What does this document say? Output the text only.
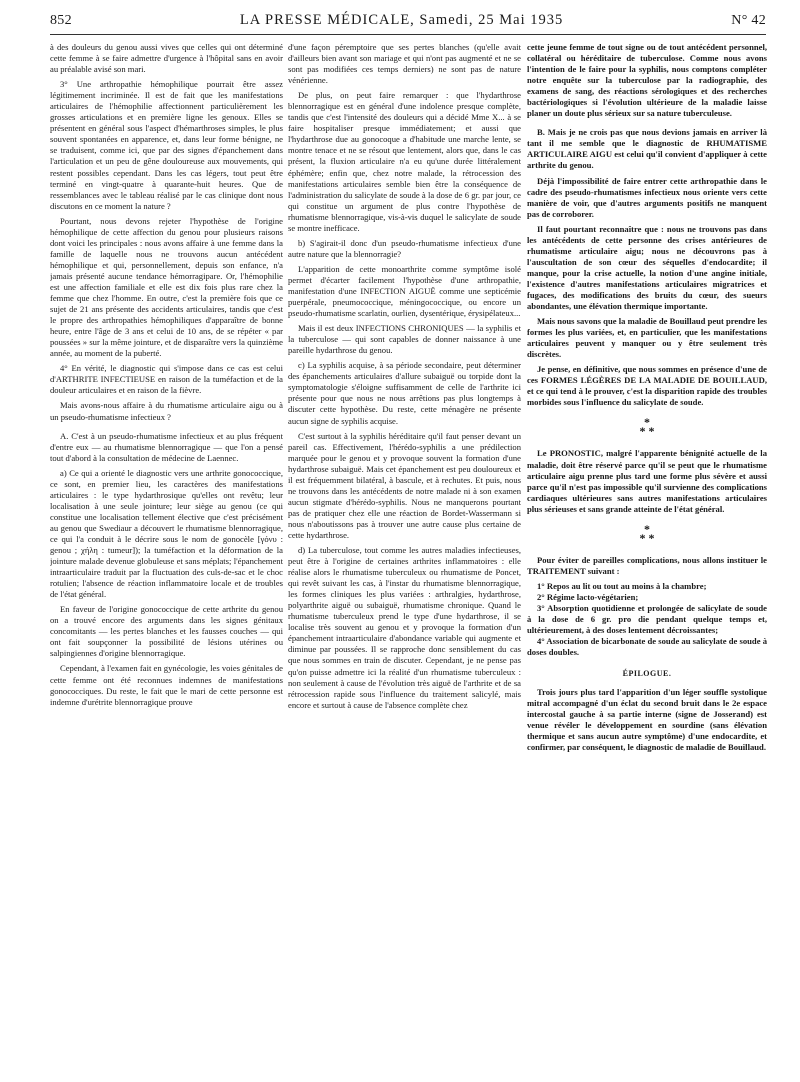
852	LA PRESSE MÉDICALE, Samedi, 25 Mai 1935	N° 42

à des douleurs du genou aussi vives que celles qui ont déterminé cette femme à se faire admettre d'urgence à l'hôpital sans en avoir au préalable avisé son mari.

3° Une arthropathie hémophilique pourrait être assez légitimement incriminée. Il est de fait que les manifestations articulaires de l'hémophilie affectionnent particulièrement les grosses articulations et en première ligne les genoux. Elles se présentent en général sous l'aspect d'hémarthroses simples, le plus souvent spontanées en apparence, et, dans leur forme bénigne, ne se traduisent, comme ici, que par des signes d'épanchement dans l'articulation et un peu de gêne douloureuse aux mouvements, qui restent possibles cependant. Dans les cas légers, tout peut être terminé en vingt-quatre à quarante-huit heures. Que de ressemblances avec le tableau réalisé par le cas clinique dont nous discutons en ce moment la nature ?

Pourtant, nous devons rejeter l'hypothèse de l'origine hémophilique de cette affection du genou pour plusieurs raisons dont voici les principales : nous avons affaire à une femme dans la famille de laquelle nous ne trouvons aucun antécédent hémophilique et qui, personnellement, depuis son enfance, n'a jamais présenté aucune tendance hémorragipare. Or, l'hémophilie est une affection familiale et elle est dix fois plus rare chez la femme que chez l'homme. En outre, c'est la première fois que ce sujet de 21 ans présente des accidents articulaires, tandis que c'est le propre des arthropathies hémophiliques d'apparaître de bonne heure, entre l'âge de 3 ans et celui de 10 ans, de se répéter « par poussées » sur la même jointure, et de disparaître vers la quinzième année, au moment de la puberté.

4° En vérité, le diagnostic qui s'impose dans ce cas est celui d'ARTHRITE INFECTIEUSE en raison de la tuméfaction et de la douleur articulaires et en raison de la fièvre.

Mais avons-nous affaire à du rhumatisme articulaire aigu ou à un pseudo-rhumatisme infectieux ?

A. C'est à un pseudo-rhumatisme infectieux et au plus fréquent d'entre eux — au rhumatisme blennorragique — que l'on a pensé tout d'abord à la consultation de médecine de Laennec.

a) Ce qui a orienté le diagnostic vers une arthrite gonococcique, ce sont, en premier lieu, les caractères des manifestations articulaires : le type hydarthrosique qu'elles ont revêtu; leur localisation à une seule jointure; leur siège au genou (ce qui constitue une localisation tellement élective que c'est précisément au genou que Swediaur a découvert le rhumatisme blennorragique, ce qui l'a conduit à le décrire sous le nom de gonocèle [γόνυ : genou ; χήλη : tumeur]); la tuméfaction et la déformation de la jointure malade devenue globuleuse et sans méplats; l'épanchement intraarticulaire traduit par la fluctuation des culs-de-sac et le choc rotulien; l'absence de réaction inflammatoire locale et de troubles de l'état général.

En faveur de l'origine gonococcique de cette arthrite du genou on a trouvé encore des arguments dans les signes génitaux concomitants — les pertes blanches et les fausses couches — qui ont fait soupçonner la possibilité de lésions utérines ou salpingiennes d'origine blennorragique.

Cependant, à l'examen fait en gynécologie, les voies génitales de cette femme ont été reconnues indemnes de manifestations gonococciques. Du reste, le fait que le mari de cette personne est indemne d'urétrite blennorragique prouve

d'une façon péremptoire que ses pertes blanches (qu'elle avait d'ailleurs bien avant son mariage et qui n'ont pas augmenté et ne se sont pas modifiées ces temps derniers) ne sont pas de nature vénérienne.

De plus, on peut faire remarquer : que l'hydarthrose blennorragique est en général d'une indolence presque complète, tandis que c'est l'intensité des douleurs qui a décidé Mme X... à se faire hospitaliser presque immédiatement; et aussi que l'hydarthrose due au gonocoque a d'habitude une marche lente, se montre tenace et ne se résout que lentement, alors que, dans le cas présent, la fluxion articulaire n'a eu qu'une durée littéralement éphémère; enfin que, chez notre malade, la rétrocession des manifestations articulaires semble bien être la conséquence de l'administration du salicylate de soude à la dose de 6 gr. par jour, ce qui constitue un argument de plus contre l'hypothèse de rhumatisme blennorragique, vis-à-vis duquel le salicylate de soude se montre inefficace.

b) S'agirait-il donc d'un pseudo-rhumatisme infectieux d'une autre nature que la blennorragie?

L'apparition de cette monoarthrite comme symptôme isolé permet d'écarter facilement l'hypothèse d'une arthropathie, manifestation d'une INFECTION AIGUË comme une septicémie puerpérale, pneumococcique, méningococcique, ou encore un pseudo-rhumatisme scarlatin, ourlien, dysentérique, érysipélateux...

Mais il est deux INFECTIONS CHRONIQUES — la syphilis et la tuberculose — qui sont capables de donner naissance à une pareille hydarthrose du genou.

c) La syphilis acquise, à sa période secondaire, peut déterminer des épanchements articulaires d'allure subaiguë ou torpide dont la symptomatologie s'éloigne suffisamment de celle de l'arthrite ici présente pour que nous ne nous arrêtions pas plus longtemps à discuter cette hypothèse. Du reste, cette ménagère ne présente aucun signe de syphilis acquise.

C'est surtout à la syphilis héréditaire qu'il faut penser devant un pareil cas. Effectivement, l'hérédo-syphilis a une prédilection marquée pour le genou et y provoque souvent la formation d'une hydarthrose subaiguë. Mais cet épanchement est peu douloureux et il est fréquemment bilatéral, à bascule, et à rechutes. Et puis, nous ne trouvons dans les antécédents de notre malade ni à son examen aucun stigmate d'hérédo-syphilis. Nous ne manquerons pourtant pas de pratiquer chez elle une réaction de Bordet-Wassermann si nous n'aboutissons pas à trouver une autre cause plus certaine de cette hydarthrose.

d) La tuberculose, tout comme les autres maladies infectieuses, peut être à l'origine de certaines arthrites inflammatoires : elle réalise alors le rhumatisme tuberculeux ou rhumatisme de Poncet, qui revêt suivant les cas, à l'instar du rhumatisme blennorragique, les formes cliniques les plus variées : arthralgies, hydarthrose, polyarthrite aiguë ou subaiguë, rhumatisme chronique. Quand le rhumatisme tuberculeux prend le type d'une hydarthrose, il se localise très souvent au genou et y provoque la formation d'un épanchement intraarticulaire d'abondance variable qui augmente et diminue par poussées. Il se rapproche donc sensiblement du cas que nous sommes en train de discuter. Cependant, je ne pense pas qu'on puisse admettre ici la réalité d'un rhumatisme tuberculeux : non seulement à cause de l'évolution très aiguë de l'arthrite et de sa rétrocession rapide sous l'influence du traitement salicylé, mais encore et surtout à cause de l'absence complète chez

cette jeune femme de tout signe ou de tout antécédent personnel, collatéral ou héréditaire de tuberculose. Comme nous avons l'intention de le faire pour la syphilis, nous comptons compléter notre enquête sur la tuberculose par la radiographie, des examens de sang, des réactions sérologiques et des recherches bactériologiques si l'évolution ultérieure de la maladie laisse planer un doute plus sérieux sur sa nature tuberculeuse.

B. Mais je ne crois pas que nous devions jamais en arriver là tant il me semble que le diagnostic de RHUMATISME ARTICULAIRE AIGU est celui qu'il convient d'appliquer à cette arthrite du genou.

Déjà l'impossibilité de faire entrer cette arthropathie dans le cadre des pseudo-rhumatismes infectieux nous oriente vers cette manière de voir, que d'autres arguments positifs ne manquent pas de corroborer.

Il faut pourtant reconnaître que : nous ne trouvons pas dans les antécédents de cette personne des crises antérieures de rhumatisme articulaire aigu; nous ne découvrons pas à l'auscultation de son cœur des séquelles d'endocardite; il manque, pour la crise actuelle, la notion d'une angine initiale, l'existence d'autres manifestations articulaires migratrices et fugaces, des modifications des bruits du cœur, des sueurs abondantes, une élévation thermique importante.

Mais nous savons que la maladie de Bouillaud peut prendre les formes les plus variées, et, en particulier, que les manifestations articulaires peuvent y manquer ou y être seulement très discrètes.

Je pense, en définitive, que nous sommes en présence d'une de ces FORMES LÉGÈRES DE LA MALADIE DE BOUILLAUD, et ce qui tend à le prouver, c'est la disparition rapide des troubles morbides sous l'influence du salicylate de soude.

*
* *

Le PRONOSTIC, malgré l'apparente bénignité actuelle de la maladie, doit être réservé parce qu'il se peut que le rhumatisme articulaire aigu prenne plus tard une forme plus sévère et aussi parce qu'il n'est pas impossible qu'il survienne des complications cardiaques ultérieures sans autres manifestations articulaires plus sérieuses et sans grande atteinte de l'état général.

*
* *

Pour éviter de pareilles complications, nous allons instituer le TRAITEMENT suivant :

1° Repos au lit ou tout au moins à la chambre;

2° Régime lacto-végétarien;

3° Absorption quotidienne et prolongée de salicylate de soude à la dose de 6 gr. pro die pendant quelque temps et, ultérieurement, à des doses lentement décroissantes;

4° Association de bicarbonate de soude au salicylate de soude à doses doubles.

ÉPILOGUE.

Trois jours plus tard l'apparition d'un léger souffle systolique mitral accompagné d'un éclat du second bruit dans le 2e espace intercostal gauche à sa partie interne (signe de Josserand) est venue révéler le développement en sourdine (sans élévation thermique et sans aucun autre symptôme) d'une endocardite, et confirmer, par conséquent, le diagnostic de maladie de Bouillaud.
